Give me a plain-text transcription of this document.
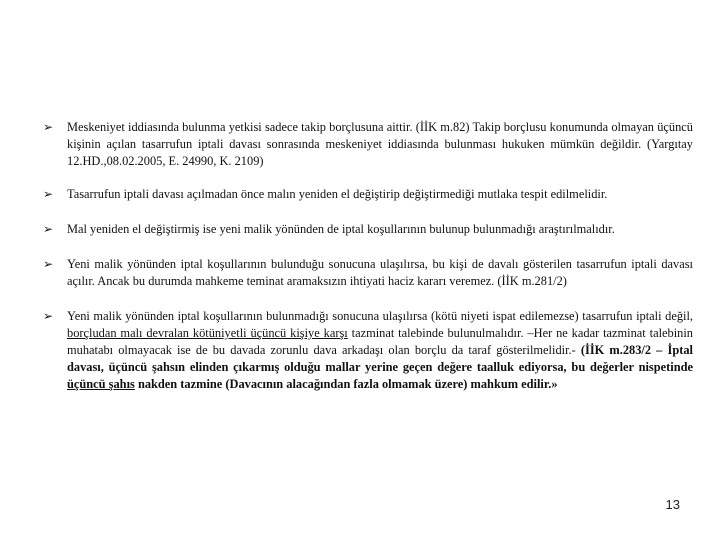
➢ Meskeniyet iddiasında bulunma yetkisi sadece takip borçlusuna aittir. (İİK m.82) Takip borçlusu konumunda olmayan üçüncü kişinin açılan tasarrufun iptali davası sonrasında meskeniyet iddiasında bulunması hukuken mümkün değildir. (Yargıtay 12.HD.,08.02.2005, E. 24990, K. 2109)
➢ Tasarrufun iptali davası açılmadan önce malın yeniden el değiştirip değiştirmediği mutlaka tespit edilmelidir.
➢ Mal yeniden el değiştirmiş ise yeni malik yönünden de iptal koşullarının bulunup bulunmadığı araştırılmalıdır.
➢ Yeni malik yönünden iptal koşullarının bulunduğu sonucuna ulaşılırsa, bu kişi de davalı gösterilen tasarrufun iptali davası açılır. Ancak bu durumda mahkeme teminat aramaksızın ihtiyati haciz kararı veremez. (İİK m.281/2)
➢ Yeni malik yönünden iptal koşullarının bulunmadığı sonucuna ulaşılırsa (kötü niyeti ispat edilemezse) tasarrufun iptali değil, borçludan malı devralan kötüniyetli üçüncü kişiye karşı tazminat talebinde bulunulmalıdır. –Her ne kadar tazminat talebinin muhatabı olmayacak ise de bu davada zorunlu dava arkadaşı olan borçlu da taraf gösterilmelidir.- (İİK m.283/2 – İptal davası, üçüncü şahsın elinden çıkarmış olduğu mallar yerine geçen değere taalluk ediyorsa, bu değerler nispetinde üçüncü şahıs nakden tazmine (Davacının alacağından fazla olmamak üzere) mahkum edilir.»
13
